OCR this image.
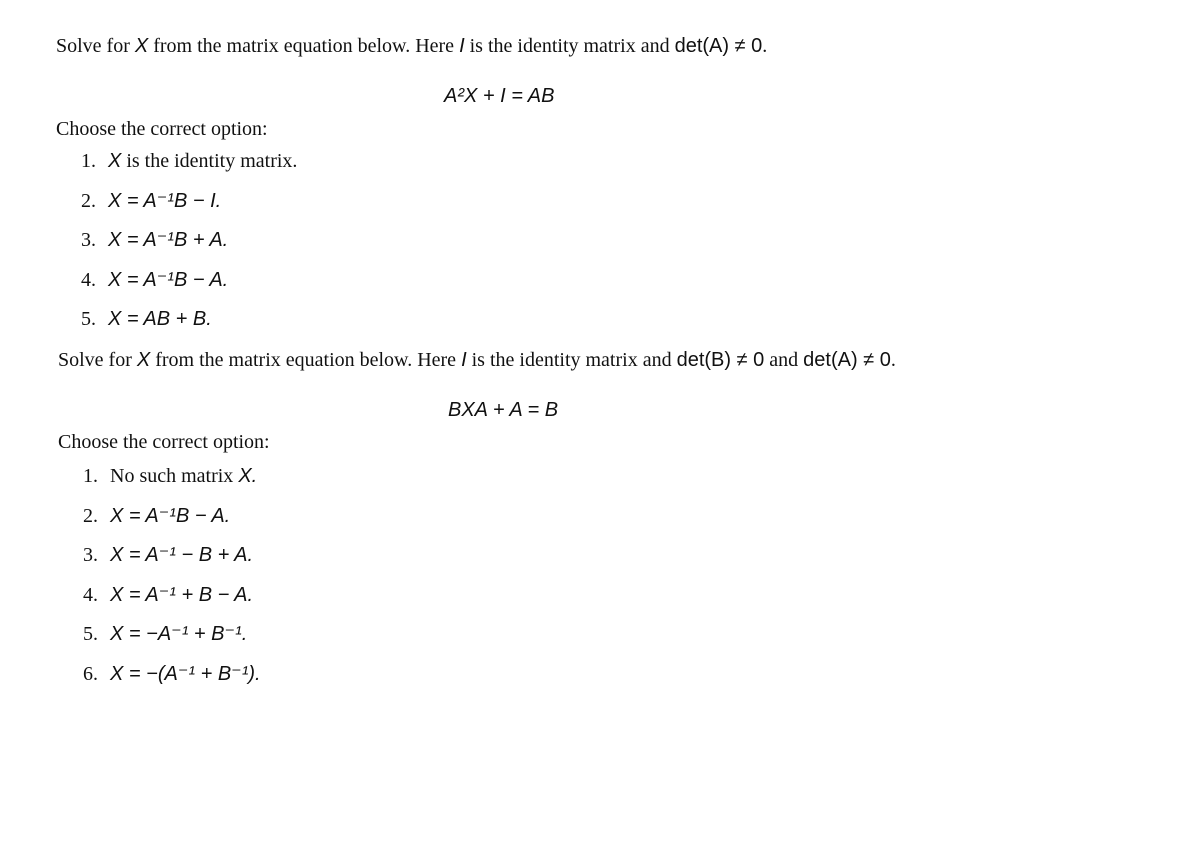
Solve for X from the matrix equation below. Here I is the identity matrix and det(A) ≠ 0.

A²X + I = AB

Choose the correct option:

1. X is the identity matrix.
2. X = A⁻¹B − I.
3. X = A⁻¹B + A.
4. X = A⁻¹B − A.
5. X = AB + B.

Solve for X from the matrix equation below. Here I is the identity matrix and det(B) ≠ 0 and det(A) ≠ 0.

BXA + A = B

Choose the correct option:

1. No such matrix X.
2. X = A⁻¹B − A.
3. X = A⁻¹ − B + A.
4. X = A⁻¹ + B − A.
5. X = −A⁻¹ + B⁻¹.
6. X = −(A⁻¹ + B⁻¹).
